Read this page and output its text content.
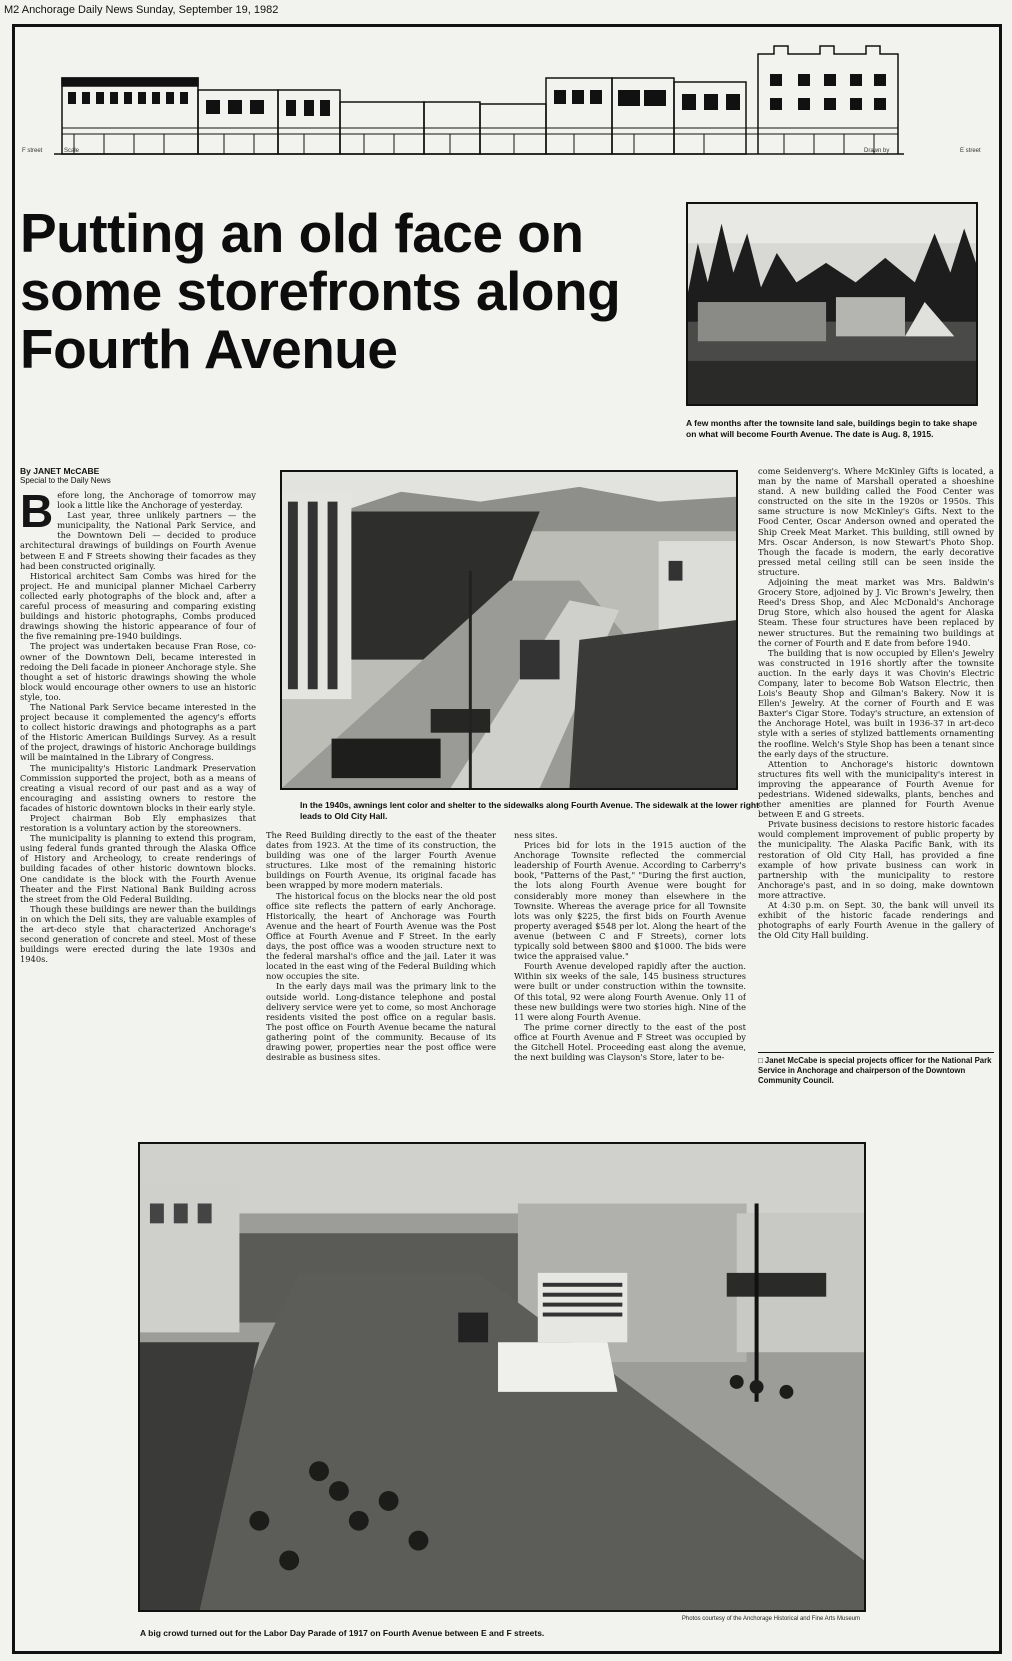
M2 Anchorage Daily News Sunday, September 19, 1982
F street	Scale	Drawn by	E street
Putting an old face on some storefronts along Fourth Avenue
A few months after the townsite land sale, buildings begin to take shape on what will become Fourth Avenue. The date is Aug. 8, 1915.
By JANET McCABE
Special to the Daily News
In the 1940s, awnings lent color and shelter to the sidewalks along Fourth Avenue. The sidewalk at the lower right leads to Old City Hall.
B efore long, the Anchorage of tomorrow may look a little like the Anchorage of yesterday.

Last year, three unlikely partners — the municipality, the National Park Service, and the Downtown Deli — decided to produce architectural drawings of buildings on Fourth Avenue between E and F Streets showing their facades as they had been constructed originally.

Historical architect Sam Combs was hired for the project. He and municipal planner Michael Carberry collected early photographs of the block and, after a careful process of measuring and comparing existing buildings and historic photographs, Combs produced drawings showing the historic appearance of four of the five remaining pre-1940 buildings.

The project was undertaken because Fran Rose, co-owner of the Downtown Deli, became interested in redoing the Deli facade in pioneer Anchorage style. She thought a set of historic drawings showing the whole block would encourage other owners to use an historic style, too.

The National Park Service became interested in the project because it complemented the agency's efforts to collect historic drawings and photographs as a part of the Historic American Buildings Survey. As a result of the project, drawings of historic Anchorage buildings will be maintained in the Library of Congress.

The municipality's Historic Landmark Preservation Commission supported the project, both as a means of creating a visual record of our past and as a way of encouraging and assisting owners to restore the facades of historic downtown blocks in their early style.

Project chairman Bob Ely emphasizes that restoration is a voluntary action by the storeowners.

The municipality is planning to extend this program, using federal funds granted through the Alaska Office of History and Archeology, to create renderings of building facades of other historic downtown blocks. One candidate is the block with the Fourth Avenue Theater and the First National Bank Building across the street from the Old Federal Building.

Though these buildings are newer than the buildings in on which the Deli sits, they are valuable examples of the art-deco style that characterized Anchorage's second generation of concrete and steel. Most of these buildings were erected during the late 1930s and 1940s.

The Reed Building directly to the east of the theater dates from 1923. At the time of its construction, the building was one of the larger Fourth Avenue structures. Like most of the remaining historic buildings on Fourth Avenue, its original facade has been wrapped by more modern materials.

The historical focus on the blocks near the old post office site reflects the pattern of early Anchorage. Historically, the heart of Anchorage was Fourth Avenue and the heart of Fourth Avenue was the Post Office at Fourth Avenue and F Street. In the early days, the post office was a wooden structure next to the federal marshal's office and the jail. Later it was located in the east wing of the Federal Building which now occupies the site.

In the early days mail was the primary link to the outside world. Long-distance telephone and postal delivery service were yet to come, so most Anchorage residents visited the post office on a regular basis. The post office on Fourth Avenue became the natural gathering point of the community. Because of its drawing power, properties near the post office were desirable as business sites.

ness sites.

Prices bid for lots in the 1915 auction of the Anchorage Townsite reflected the commercial leadership of Fourth Avenue. According to Carberry's book, "Patterns of the Past," "During the first auction, the lots along Fourth Avenue were bought for considerably more money than elsewhere in the Townsite. Whereas the average price for all Townsite lots was only $225, the first bids on Fourth Avenue property averaged $548 per lot. Along the heart of the avenue (between C and F Streets), corner lots typically sold between $800 and $1000. The bids were twice the appraised value."

Fourth Avenue developed rapidly after the auction. Within six weeks of the sale, 145 business structures were built or under construction within the townsite. Of this total, 92 were along Fourth Avenue. Only 11 of these new buildings were two stories high. Nine of the 11 were along Fourth Avenue.

The prime corner directly to the east of the post office at Fourth Avenue and F Street was occupied by the Gitchell Hotel. Proceeding east along the avenue, the next building was Clayson's Store, later to be-

come Seidenverg's. Where McKinley Gifts is located, a man by the name of Marshall operated a shoeshine stand. A new building called the Food Center was constructed on the site in the 1920s or 1950s. This same structure is now McKinley's Gifts. Next to the Food Center, Oscar Anderson owned and operated the Ship Creek Meat Market. This building, still owned by Mrs. Oscar Anderson, is now Stewart's Photo Shop. Though the facade is modern, the early decorative pressed metal ceiling still can be seen inside the structure.

Adjoining the meat market was Mrs. Baldwin's Grocery Store, adjoined by J. Vic Brown's Jewelry, then Reed's Dress Shop, and Alec McDonald's Anchorage Drug Store, which also housed the agent for Alaska Steam. These four structures have been replaced by newer structures. But the remaining two buildings at the corner of Fourth and E date from before 1940.

The building that is now occupied by Ellen's Jewelry was constructed in 1916 shortly after the townsite auction. In the early days it was Chovin's Electric Company, later to become Bob Watson Electric, then Lois's Beauty Shop and Gilman's Bakery. Now it is Ellen's Jewelry. At the corner of Fourth and E was Baxter's Cigar Store. Today's structure, an extension of the Anchorage Hotel, was built in 1936-37 in art-deco style with a series of stylized battlements ornamenting the roofline. Welch's Style Shop has been a tenant since the early days of the structure.

Attention to Anchorage's historic downtown structures fits well with the municipality's interest in improving the appearance of Fourth Avenue for pedestrians. Widened sidewalks, plants, benches and other amenities are planned for Fourth Avenue between E and G streets.

Private business decisions to restore historic facades would complement improvement of public property by the municipality. The Alaska Pacific Bank, with its restoration of Old City Hall, has provided a fine example of how private business can work in partnership with the municipality to restore Anchorage's past, and in so doing, make downtown more attractive.

At 4:30 p.m. on Sept. 30, the bank will unveil its exhibit of the historic facade renderings and photographs of early Fourth Avenue in the gallery of the Old City Hall building.

□ Janet McCabe is special projects officer for the National Park Service in Anchorage and chairperson of the Downtown Community Council.
Photos courtesy of the Anchorage Historical and Fine Arts Museum
A big crowd turned out for the Labor Day Parade of 1917 on Fourth Avenue between E and F streets.
